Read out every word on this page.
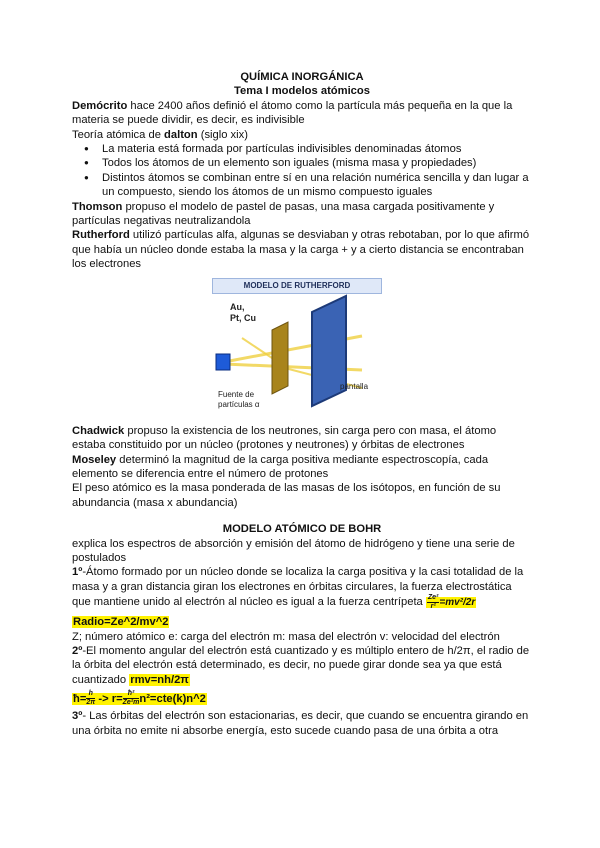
QUÍMICA INORGÁNICA

Tema I modelos atómicos

Demócrito hace 2400 años definió el átomo como la partícula más pequeña en la que la materia se puede dividir, es decir, es indivisible

Teoría atómica de dalton (siglo xix)

● La materia está formada por partículas indivisibles denominadas átomos
● Todos los átomos de un elemento son iguales (misma masa y propiedades)
● Distintos átomos se combinan entre sí en una relación numérica sencilla y dan lugar a un compuesto, siendo los átomos de un mismo compuesto iguales

Thomson propuso el modelo de pastel de pasas, una masa cargada positivamente y partículas negativas neutralizandola

Rutherford utilizó partículas alfa, algunas se desviaban y otras rebotaban, por lo que afirmó que había un núcleo donde estaba la masa y la carga + y a cierto distancia se encontraban los electrones

MODELO DE RUTHERFORD
Au,
Pt, Cu
pantalla
Fuente de
partículas α

Chadwick propuso la existencia de los neutrones, sin carga pero con masa, el átomo estaba constituido por un núcleo (protones y neutrones) y órbitas de electrones

Moseley determinó la magnitud de la carga positiva mediante espectroscopía, cada elemento se diferencia entre el número de protones

El peso atómico es la masa ponderada de las masas de los isótopos, en función de su abundancia (masa x abundancia)

MODELO ATÓMICO DE BOHR

explica los espectros de absorción y emisión del átomo de hidrógeno y tiene una serie de postulados

1º-Átomo formado por un núcleo donde se localiza la carga positiva y la casi totalidad de la masa y a gran distancia giran los electrones en órbitas circulares, la fuerza electrostática que mantiene unido al electrón al núcleo es igual a la fuerza centrípeta $\frac{\text{Ze²}}{\text{r²}} =mv^2/2r$

Radio=Ze^2/mv^2

Z; número atómico e: carga del electrón m: masa del electrón v: velocidad del electrón

2º-El momento angular del electrón está cuantizado y es múltiplo entero de h/2π, el radio de la órbita del electrón está determinado, es decir, no puede girar donde sea ya que está cuantizado rmv=nh/2π

ħ= $\frac{h}{2\pi} -> r= \frac{\text{ħ²}}{\text{Ze²m}}$ n²=cte(k)n^2

3º- Las órbitas del electrón son estacionarias, es decir, que cuando se encuentra girando en una órbita no emite ni absorbe energía, esto sucede cuando pasa de una órbita a otra
